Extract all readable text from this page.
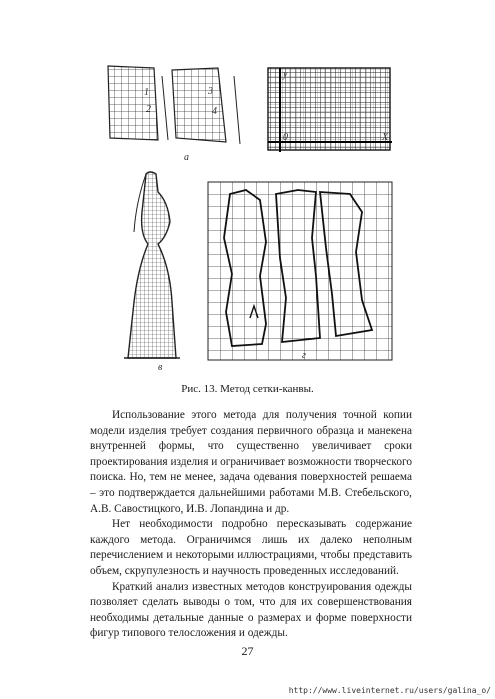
1
2
3
4
а
у
0	Х
в
г
Рис. 13. Метод сетки-канвы.

Использование этого метода для получения точной копии модели изделия требует создания первичного образца и манекена внутренней формы, что существенно увеличивает сроки проектирования изделия и ограничивает возможности творческого поиска. Но, тем не менее, задача одевания поверхностей решаема – это подтверждается дальнейшими работами М.В. Стебельского, А.В. Савостицкого, И.В. Лопандина и др.

Нет необходимости подробно пересказывать содержание каждого метода. Ограничимся лишь их далеко неполным перечислением и некоторыми иллюстрациями, чтобы представить объем, скрупулезность и научность проведенных исследований.

Краткий анализ известных методов конструирования одежды позволяет сделать выводы о том, что для их совершенствования необходимы детальные данные о размерах и форме поверхности фигур типового телосложения и одежды.

27
http://www.liveinternet.ru/users/galina_o/
